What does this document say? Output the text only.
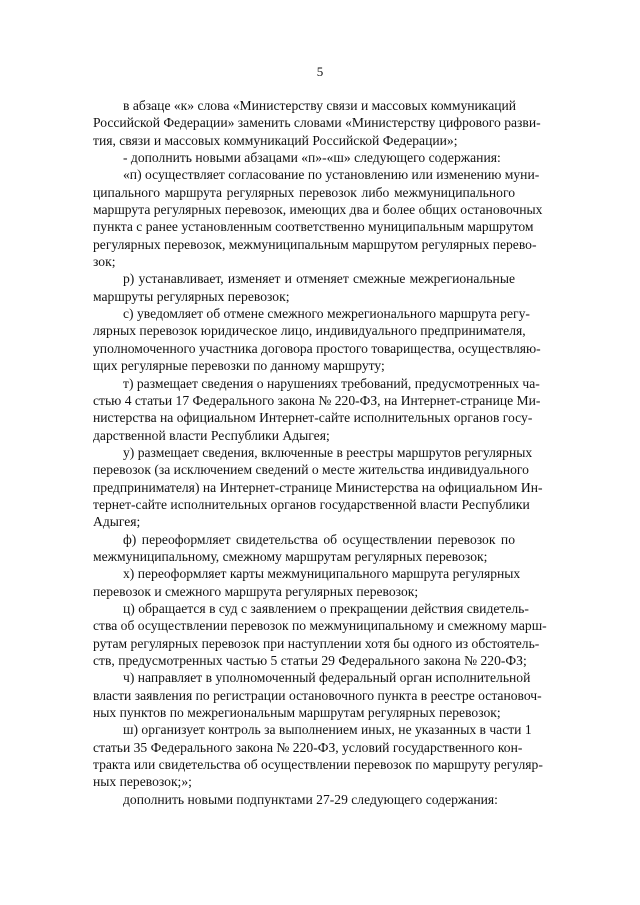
5
в абзаце «к» слова «Министерству связи и массовых коммуникаций
Российской Федерации» заменить словами «Министерству цифрового разви-
тия, связи и массовых коммуникаций Российской Федерации»;
- дополнить новыми абзацами «п»-«ш» следующего содержания:
«п) осуществляет согласование по установлению или изменению муни-
ципального маршрута регулярных перевозок либо межмуниципального
маршрута регулярных перевозок, имеющих два и более общих остановочных
пункта с ранее установленным соответственно муниципальным маршрутом
регулярных перевозок, межмуниципальным маршрутом регулярных перево-
зок;
р) устанавливает, изменяет и отменяет смежные межрегиональные
маршруты регулярных перевозок;
с) уведомляет об отмене смежного межрегионального маршрута регу-
лярных перевозок юридическое лицо, индивидуального предпринимателя,
уполномоченного участника договора простого товарищества, осуществляю-
щих регулярные перевозки по данному маршруту;
т) размещает сведения о нарушениях требований, предусмотренных ча-
стью 4 статьи 17 Федерального закона № 220-ФЗ, на Интернет-странице Ми-
нистерства на официальном Интернет-сайте исполнительных органов госу-
дарственной власти Республики Адыгея;
у) размещает сведения, включенные в реестры маршрутов регулярных
перевозок (за исключением сведений о месте жительства индивидуального
предпринимателя) на Интернет-странице Министерства на официальном Ин-
тернет-сайте исполнительных органов государственной власти Республики
Адыгея;
ф) переоформляет свидетельства об осуществлении перевозок по
межмуниципальному, смежному маршрутам регулярных перевозок;
х) переоформляет карты межмуниципального маршрута регулярных
перевозок и смежного маршрута регулярных перевозок;
ц) обращается в суд с заявлением о прекращении действия свидетель-
ства об осуществлении перевозок по межмуниципальному и смежному марш-
рутам регулярных перевозок при наступлении хотя бы одного из обстоятель-
ств, предусмотренных частью 5 статьи 29 Федерального закона № 220-ФЗ;
ч) направляет в уполномоченный федеральный орган исполнительной
власти заявления по регистрации остановочного пункта в реестре остановоч-
ных пунктов по межрегиональным маршрутам регулярных перевозок;
ш) организует контроль за выполнением иных, не указанных в части 1
статьи 35 Федерального закона № 220-ФЗ, условий государственного кон-
тракта или свидетельства об осуществлении перевозок по маршруту регуляр-
ных перевозок;»;
дополнить новыми подпунктами 27-29 следующего содержания:
